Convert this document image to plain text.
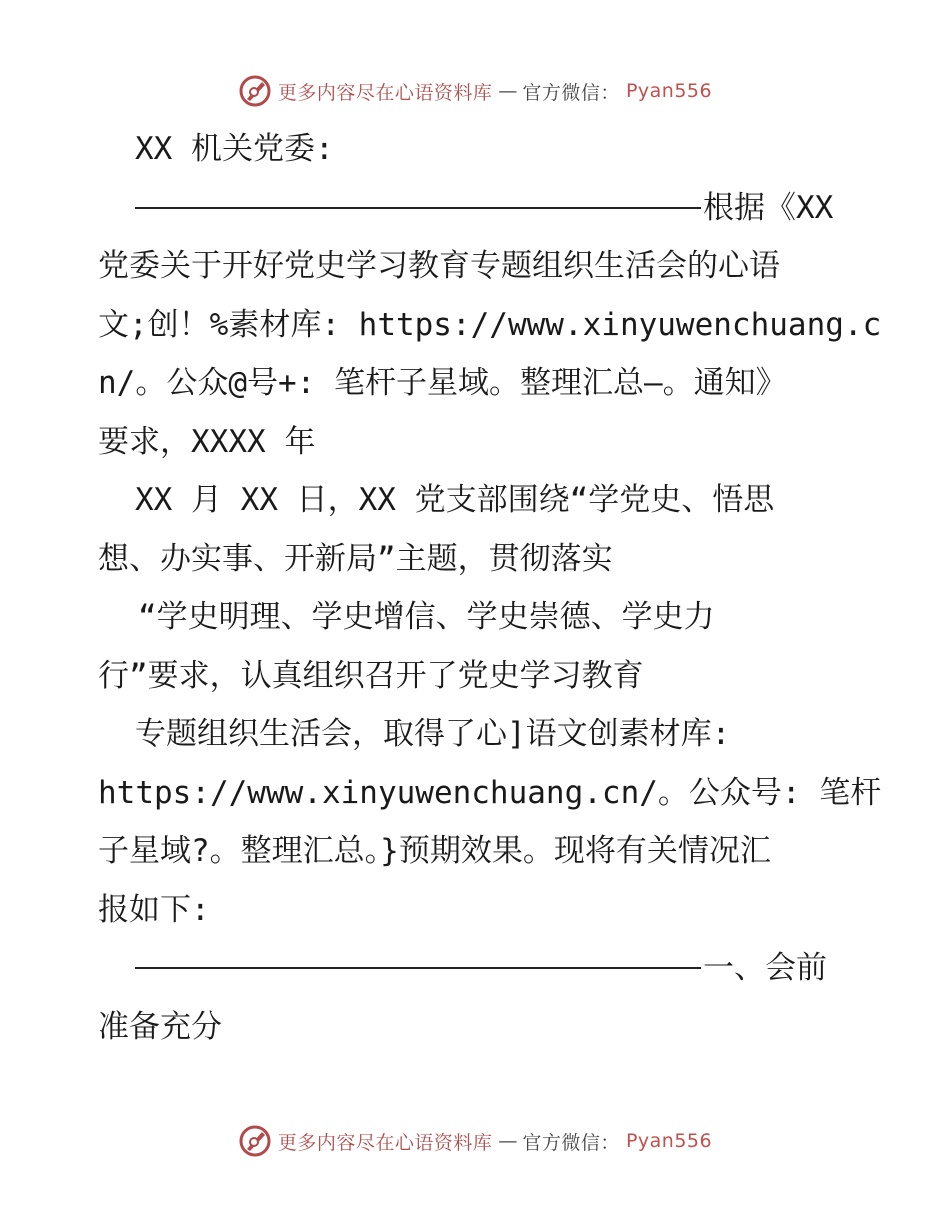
更多内容尽在心语资料库 — 官方微信： Pyan556
XX 机关党委:
根据《XX
党委关于开好党史学习教育专题组织生活会的心语
文;创！%素材库: https://www.xinyuwenchuang.c
n/。公众@号+: 笔杆子星域。整理汇总—。通知》
要求，XXXX 年
XX 月 XX 日，XX 党支部围绕“学党史、悟思
想、办实事、开新局”主题，贯彻落实
“学史明理、学史增信、学史崇德、学史力
行”要求，认真组织召开了党史学习教育
专题组织生活会，取得了心]语文创素材库:
https://www.xinyuwenchuang.cn/。公众号: 笔杆
子星域?。整理汇总。}预期效果。现将有关情况汇
报如下:
一、会前
准备充分
更多内容尽在心语资料库 — 官方微信： Pyan556
